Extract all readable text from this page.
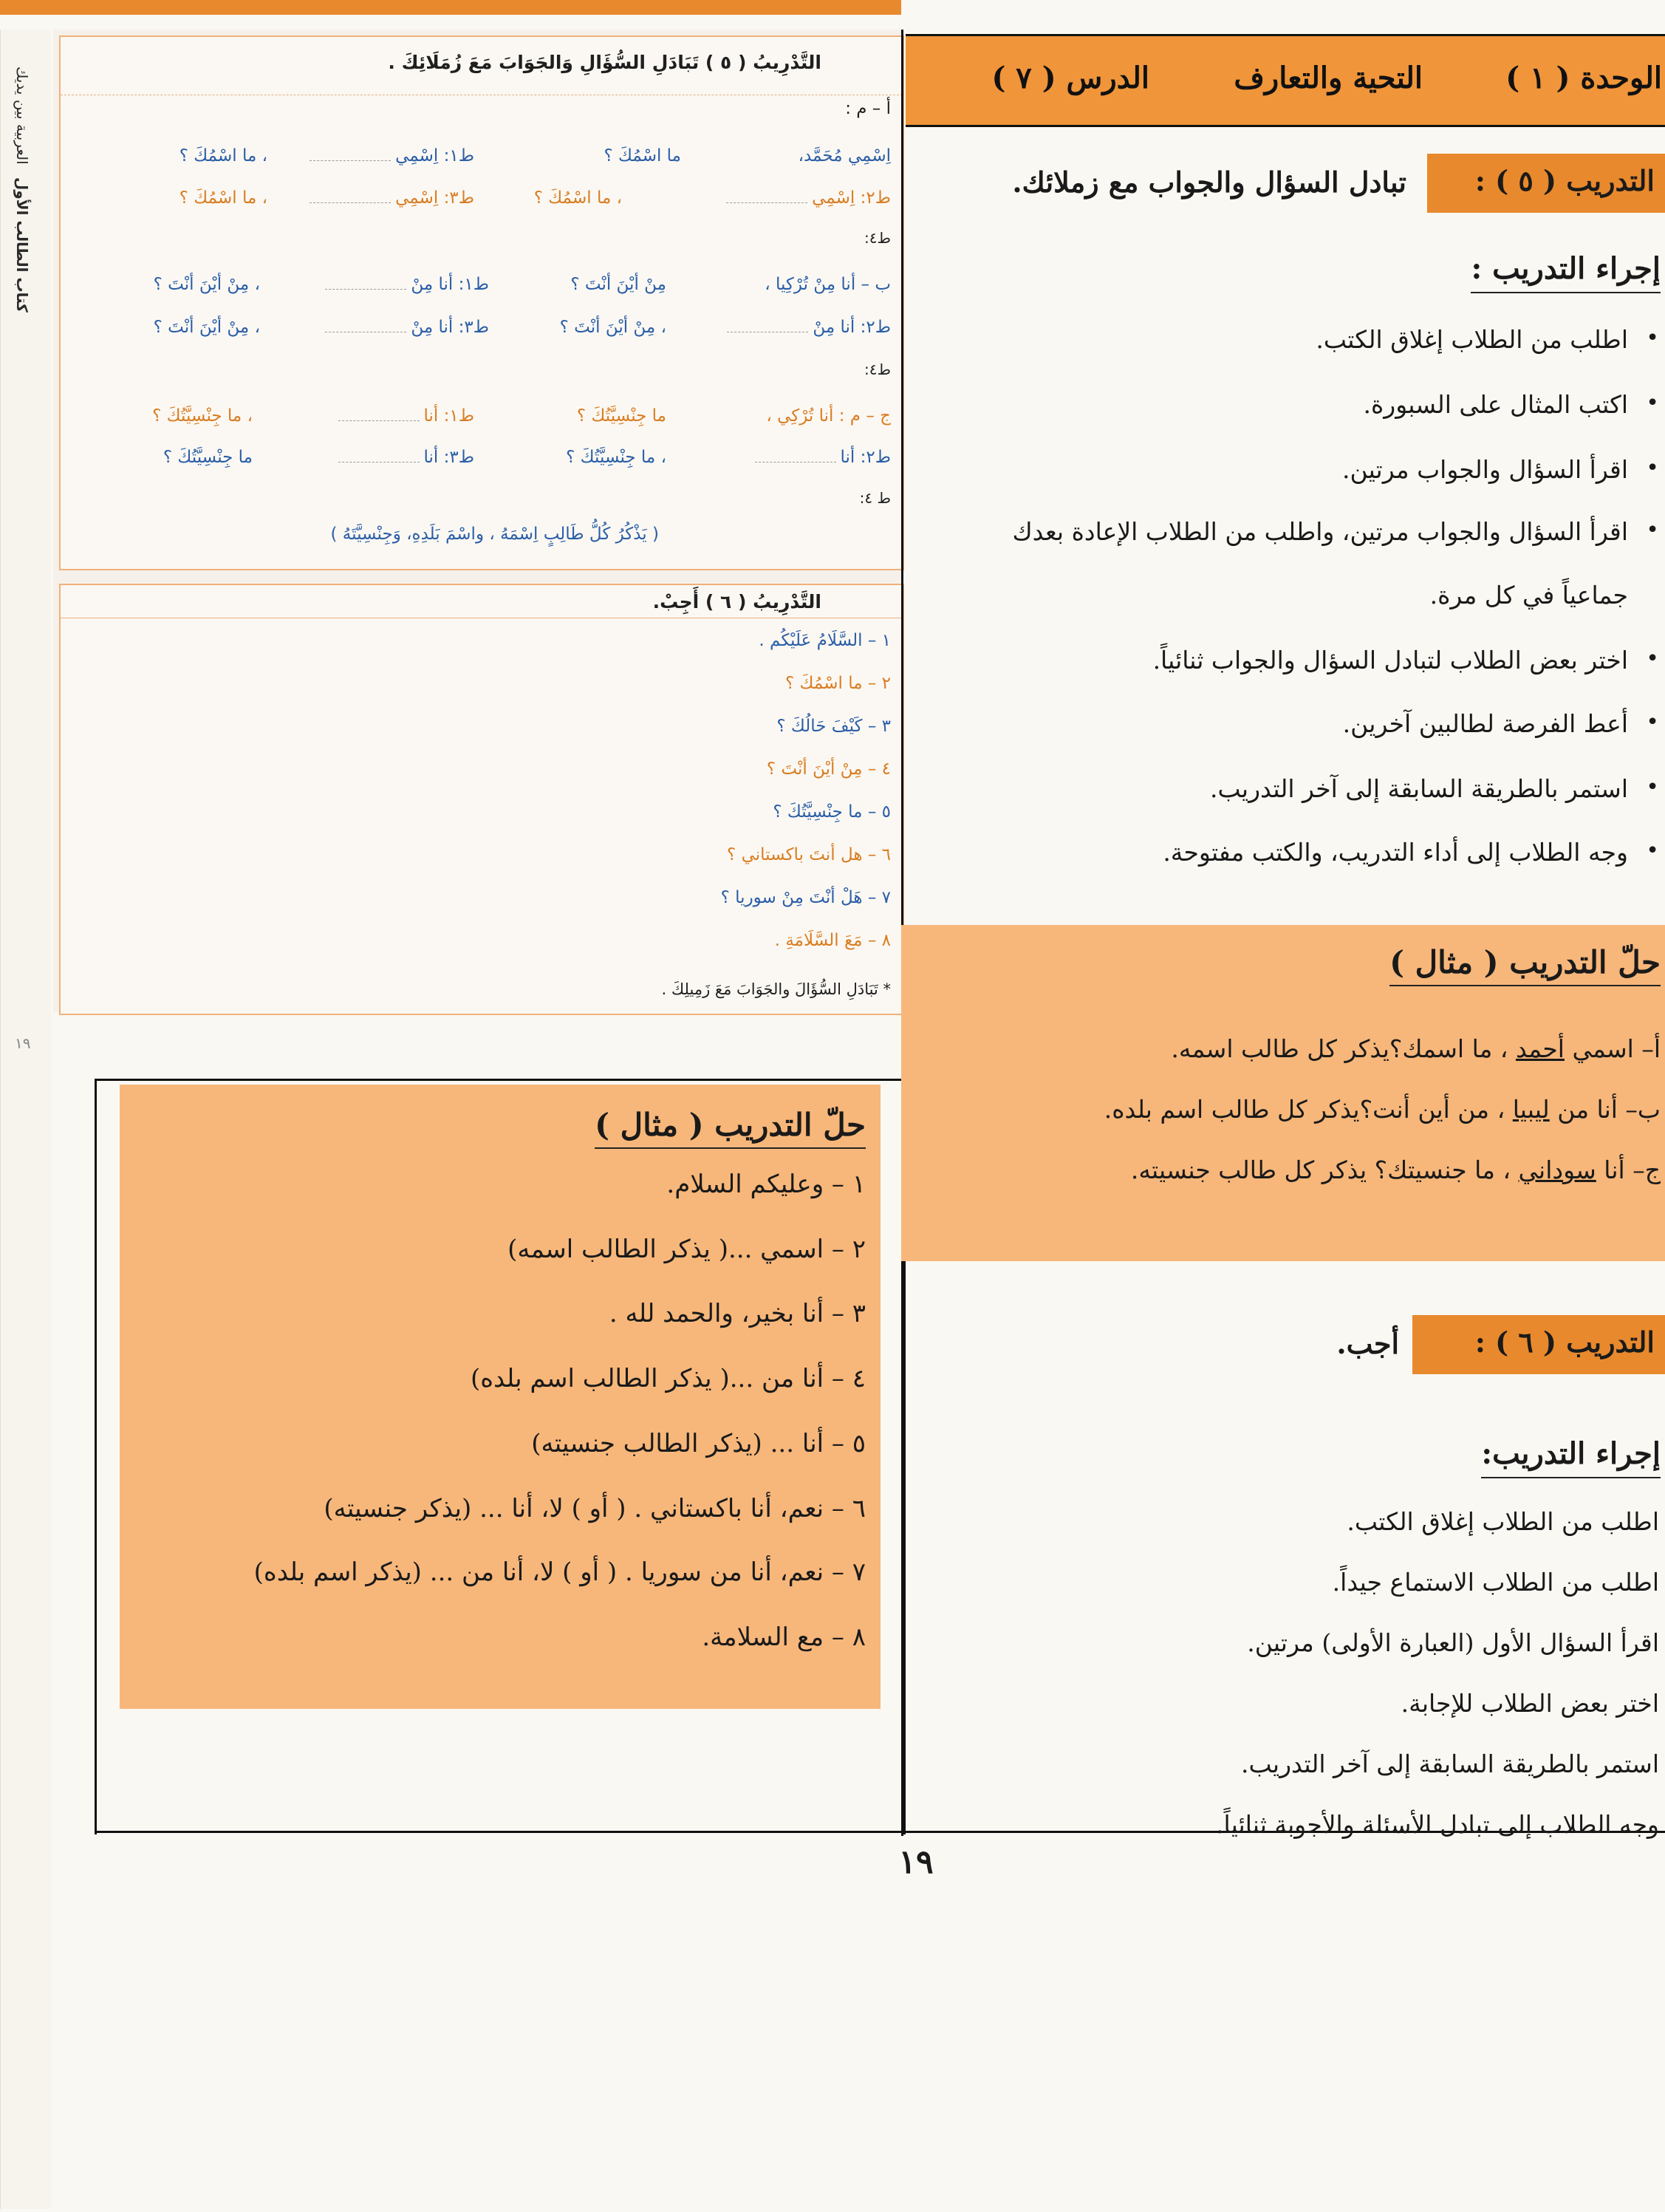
العربية بين يديك
كتاب الطالب الأول
١٩
التَّدْرِيبُ ( ٥ ) تَبَادَلِ السُّؤَالِ وَالجَوَابَ مَعَ زُمَلَائِكَ .
أ – م :
اِسْمِي مُحَمَّد،
ما اسْمُكَ ؟
ط١: اِسْمِي
، ما اسْمُكَ ؟
ط٢: اِسْمِي
، ما اسْمُكَ ؟
ط٣: اِسْمِي
، ما اسْمُكَ ؟
ط٤:
ب – أنا مِنْ تُرْكِيا ،
مِنْ أيْنَ أنْتَ ؟
ط١: أنا مِنْ
، مِنْ أيْنَ أنْتَ ؟
ط٢: أنا مِنْ
، مِنْ أيْنَ أنْتَ ؟
ط٣: أنا مِنْ
، مِنْ أيْنَ أنْتَ ؟
ط٤:
ج – م : أنا تُرْكِي ،
ما جِنْسِيَّتُكَ ؟
ط١: أنا
، ما جِنْسِيَّتُكَ ؟
ط٢: أنا
، ما جِنْسِيَّتُكَ ؟
ط٣: أنا
ما جِنْسِيَّتُكَ ؟
ط ٤:
( يَذْكُرُ كُلُّ طَالِبٍ اِسْمَهُ ، واسْمَ بَلَدِهِ، وَجِنْسِيَّتَهُ )
التَّدْرِيبُ ( ٦ ) أَجِبْ.
١ – السَّلَامُ عَلَيْكُم .
٢ – ما اسْمُكَ ؟
٣ – كَيْفَ حَالُكَ ؟
٤ – مِنْ أيْنَ أنْتَ ؟
٥ – ما جِنْسِيَّتُكَ ؟
٦ – هل أنتَ باكستاني ؟
٧ – هَلْ أنْتَ مِنْ سوريا ؟
٨ – مَعَ السَّلَامَةِ .
* تَبَادَلِ السُّؤَالَ والجَوَابَ مَعَ زَمِيلِكَ .
حلّ التدريب ( مثال )
١ – وعليكم السلام.
٢ – اسمي ...( يذكر الطالب اسمه)
٣ – أنا بخير، والحمد لله .
٤ – أنا من ...( يذكر الطالب اسم بلده)
٥ – أنا ... (يذكر الطالب جنسيته)
٦ – نعم، أنا باكستاني . ( أو ) لا، أنا ... (يذكر جنسيته)
٧ – نعم، أنا من سوريا . ( أو ) لا، أنا من ... (يذكر اسم بلده)
٨ – مع السلامة.
١٩
الوحدة ( ١ )
التحية والتعارف
الدرس ( ٧ )
التدريب ( ٥ ) :
تبادل السؤال والجواب مع زملائك.
إجراء التدريب :
• اطلب من الطلاب إغلاق الكتب.
• اكتب المثال على السبورة.
• اقرأ السؤال والجواب مرتين.
• اقرأ السؤال والجواب مرتين، واطلب من الطلاب الإعادة بعدك
جماعياً في كل مرة.
• اختر بعض الطلاب لتبادل السؤال والجواب ثنائياً.
• أعط الفرصة لطالبين آخرين.
• استمر بالطريقة السابقة إلى آخر التدريب.
• وجه الطلاب إلى أداء التدريب، والكتب مفتوحة.
حلّ التدريب ( مثال )
أ– اسمي أحمد ، ما اسمك؟يذكر كل طالب اسمه.
ب– أنا من ليبيا ، من أين أنت؟يذكر كل طالب اسم بلده.
ج– أنا سوداني ، ما جنسيتك؟ يذكر كل طالب جنسيته.
التدريب ( ٦ ) :
أجب.
إجراء التدريب:
اطلب من الطلاب إغلاق الكتب.
اطلب من الطلاب الاستماع جيداً.
اقرأ السؤال الأول (العبارة الأولى) مرتين.
اختر بعض الطلاب للإجابة.
استمر بالطريقة السابقة إلى آخر التدريب.
وجه الطلاب إلى تبادل الأسئلة والأجوبة ثنائياً.
